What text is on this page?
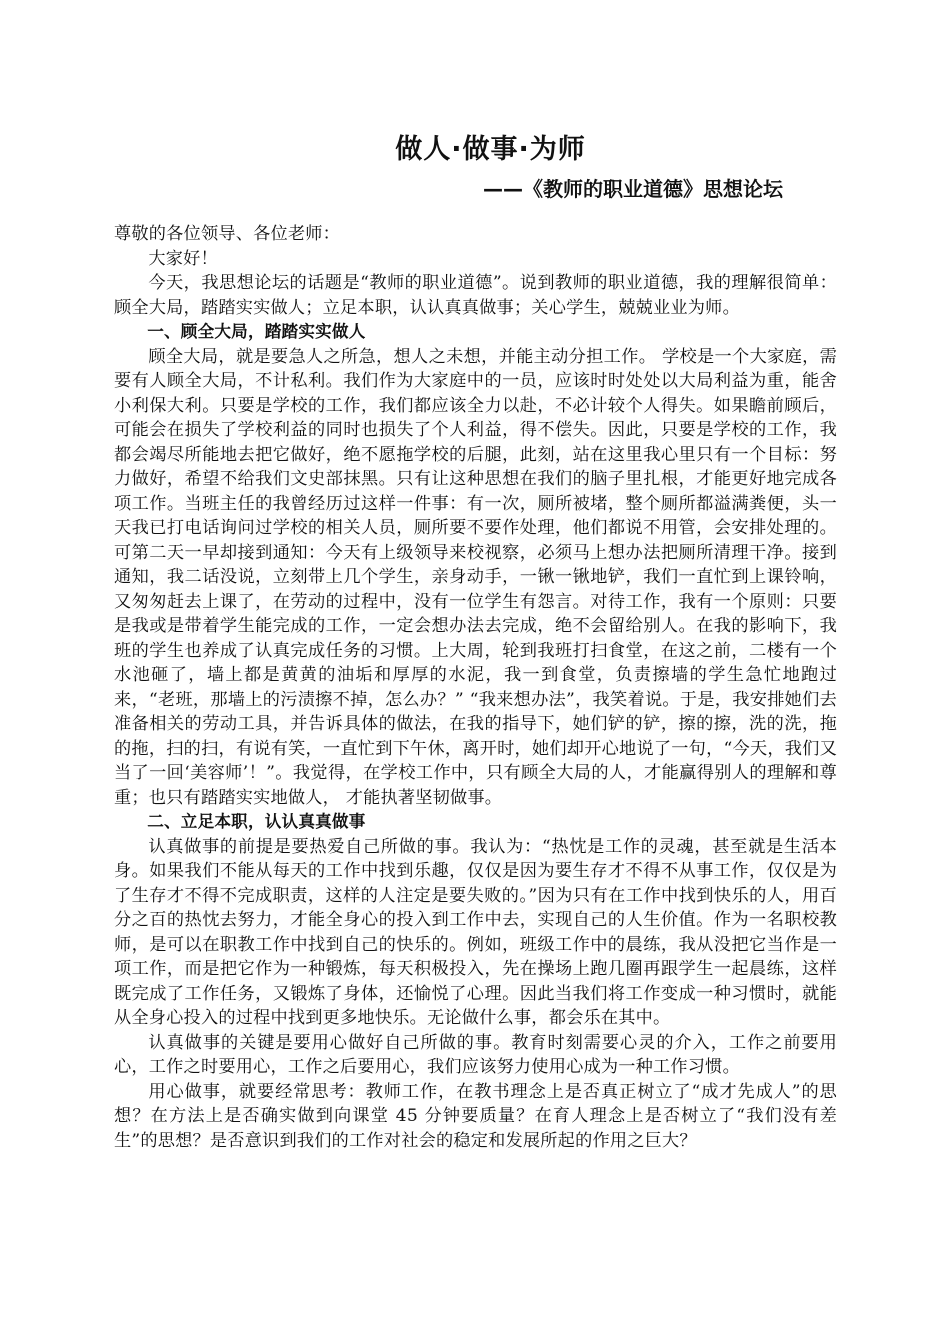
做人·做事·为师
——《教师的职业道德》思想论坛

尊敬的各位领导、各位老师：

大家好！

今天，我思想论坛的话题是“教师的职业道德”。说到教师的职业道德，我的理解很简单：顾全大局，踏踏实实做人；立足本职，认认真真做事；关心学生，兢兢业业为师。

一、顾全大局，踏踏实实做人

顾全大局，就是要急人之所急，想人之未想，并能主动分担工作。 学校是一个大家庭，需要有人顾全大局，不计私利。我们作为大家庭中的一员，应该时时处处以大局利益为重，能舍小利保大利。只要是学校的工作，我们都应该全力以赴，不必计较个人得失。如果瞻前顾后，可能会在损失了学校利益的同时也损失了个人利益，得不偿失。因此，只要是学校的工作，我都会竭尽所能地去把它做好，绝不愿拖学校的后腿，此刻，站在这里我心里只有一个目标：努力做好，希望不给我们文史部抹黑。只有让这种思想在我们的脑子里扎根，才能更好地完成各项工作。当班主任的我曾经历过这样一件事：有一次，厕所被堵，整个厕所都溢满粪便，头一天我已打电话询问过学校的相关人员，厕所要不要作处理，他们都说不用管，会安排处理的。可第二天一早却接到通知：今天有上级领导来校视察，必须马上想办法把厕所清理干净。接到通知，我二话没说，立刻带上几个学生，亲身动手，一锹一锹地铲，我们一直忙到上课铃响，又匆匆赶去上课了，在劳动的过程中，没有一位学生有怨言。对待工作，我有一个原则：只要是我或是带着学生能完成的工作，一定会想办法去完成，绝不会留给别人。在我的影响下，我班的学生也养成了认真完成任务的习惯。上大周，轮到我班打扫食堂，在这之前，二楼有一个水池砸了，墙上都是黄黄的油垢和厚厚的水泥，我一到食堂，负责擦墙的学生急忙地跑过来，“老班，那墙上的污渍擦不掉，怎么办？” “我来想办法”，我笑着说。于是，我安排她们去准备相关的劳动工具，并告诉具体的做法，在我的指导下，她们铲的铲，擦的擦，洗的洗，拖的拖，扫的扫，有说有笑，一直忙到下午休，离开时，她们却开心地说了一句，“今天，我们又当了一回‘美容师’！”。我觉得，在学校工作中，只有顾全大局的人，才能赢得别人的理解和尊重；也只有踏踏实实地做人， 才能执著坚韧做事。

二、立足本职，认认真真做事

认真做事的前提是要热爱自己所做的事。我认为：“热忱是工作的灵魂，甚至就是生活本身。如果我们不能从每天的工作中找到乐趣，仅仅是因为要生存才不得不从事工作，仅仅是为了生存才不得不完成职责，这样的人注定是要失败的。”因为只有在工作中找到快乐的人，用百分之百的热忱去努力，才能全身心的投入到工作中去，实现自己的人生价值。作为一名职校教师，是可以在职教工作中找到自己的快乐的。例如，班级工作中的晨练，我从没把它当作是一项工作，而是把它作为一种锻炼，每天积极投入，先在操场上跑几圈再跟学生一起晨练，这样既完成了工作任务，又锻炼了身体，还愉悦了心理。因此当我们将工作变成一种习惯时，就能从全身心投入的过程中找到更多地快乐。无论做什么事，都会乐在其中。

认真做事的关键是要用心做好自己所做的事。教育时刻需要心灵的介入，工作之前要用心，工作之时要用心，工作之后要用心，我们应该努力使用心成为一种工作习惯。

用心做事，就要经常思考：教师工作，在教书理念上是否真正树立了“成才先成人”的思想？在方法上是否确实做到向课堂 45 分钟要质量？在育人理念上是否树立了“我们没有差生”的思想？是否意识到我们的工作对社会的稳定和发展所起的作用之巨大？
